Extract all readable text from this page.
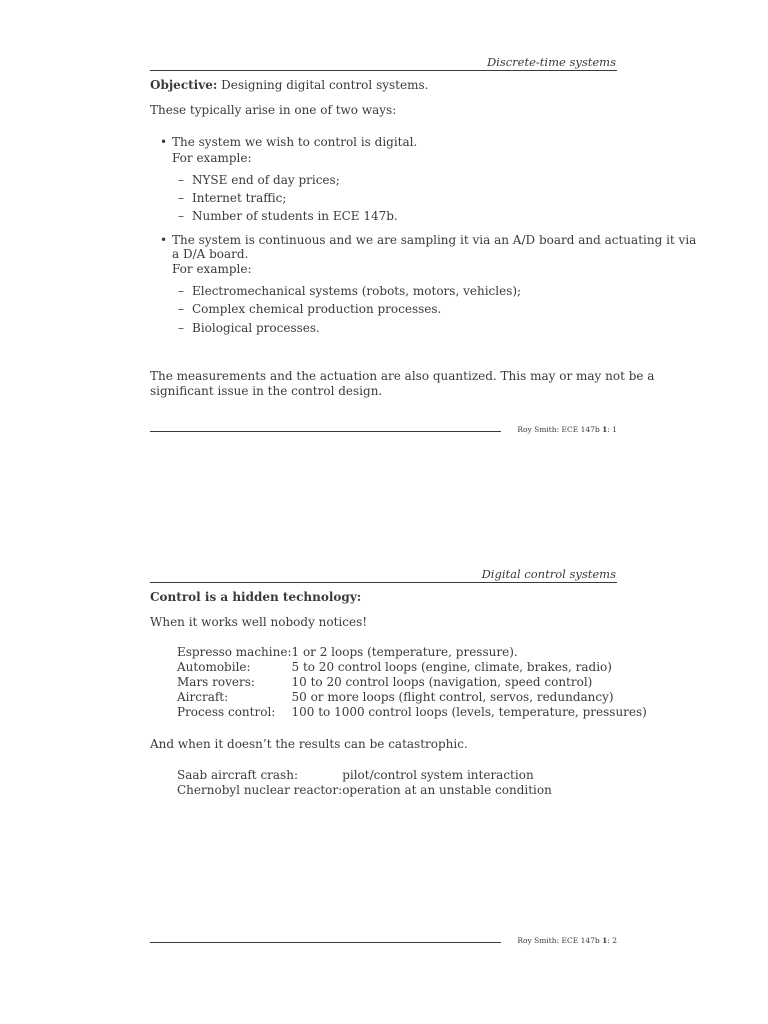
Discrete-time systems
Objective: Designing digital control systems.
These typically arise in one of two ways:
• The system we wish to control is digital.
For example:
– NYSE end of day prices;
– Internet traffic;
– Number of students in ECE 147b.
• The system is continuous and we are sampling it via an A/D board and actuating it via
a D/A board.
For example:
– Electromechanical systems (robots, motors, vehicles);
– Complex chemical production processes.
– Biological processes.
The measurements and the actuation are also quantized. This may or may not be a
significant issue in the control design.
Roy Smith: ECE 147b 1: 1
Digital control systems
Control is a hidden technology:
When it works well nobody notices!
Espresso machine:	1 or 2 loops (temperature, pressure).
Automobile:	5 to 20 control loops (engine, climate, brakes, radio)
Mars rovers:	10 to 20 control loops (navigation, speed control)
Aircraft:	50 or more loops (flight control, servos, redundancy)
Process control:	100 to 1000 control loops (levels, temperature, pressures)
And when it doesn’t the results can be catastrophic.
Saab aircraft crash:	pilot/control system interaction
Chernobyl nuclear reactor:	operation at an unstable condition
Roy Smith: ECE 147b 1: 2
